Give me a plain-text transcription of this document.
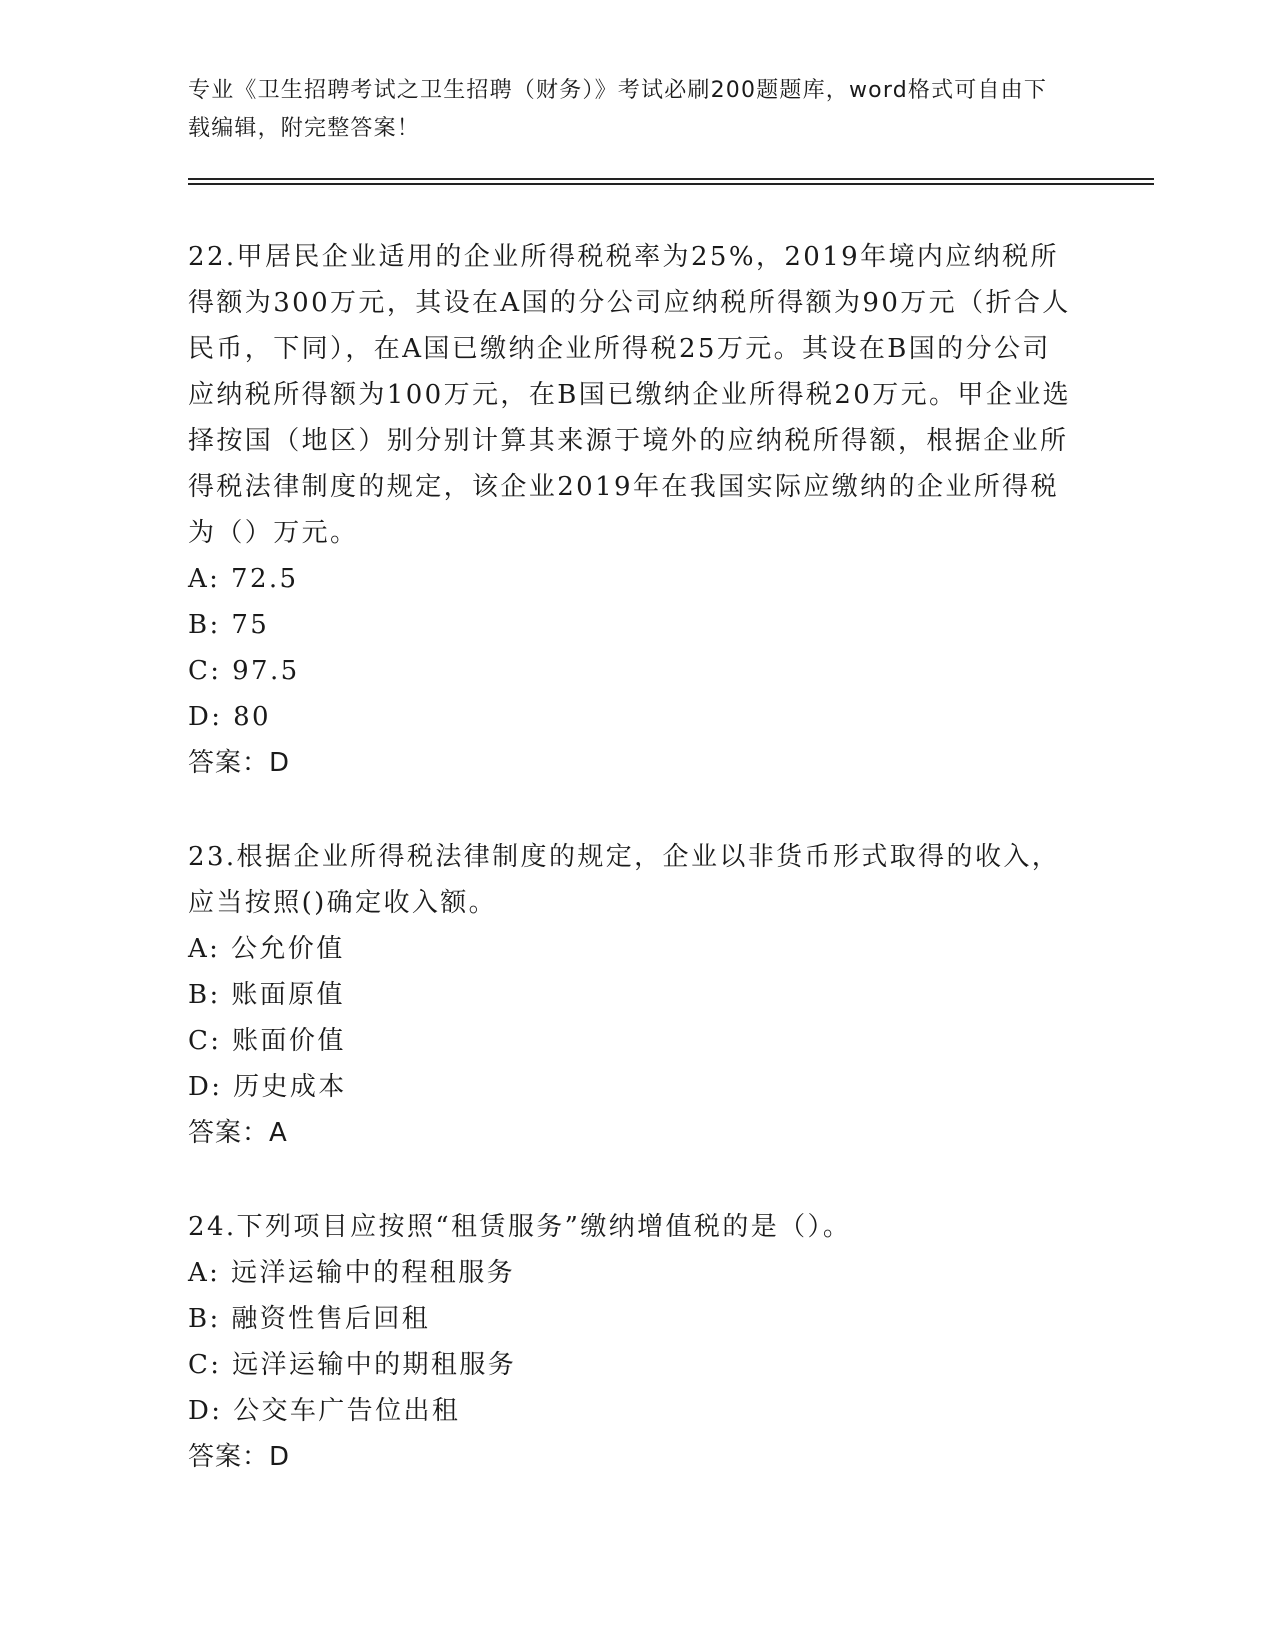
专业《卫生招聘考试之卫生招聘（财务）》考试必刷200题题库，word格式可自由下载编辑，附完整答案！

22.甲居民企业适用的企业所得税税率为25%，2019年境内应纳税所得额为300万元，其设在A国的分公司应纳税所得额为90万元（折合人民币，下同），在A国已缴纳企业所得税25万元。其设在B国的分公司应纳税所得额为100万元，在B国已缴纳企业所得税20万元。甲企业选择按国（地区）别分别计算其来源于境外的应纳税所得额，根据企业所得税法律制度的规定，该企业2019年在我国实际应缴纳的企业所得税为（）万元。

A: 72.5

B: 75

C: 97.5

D: 80

答案：D

23.根据企业所得税法律制度的规定，企业以非货币形式取得的收入，应当按照()确定收入额。

A: 公允价值

B: 账面原值

C: 账面价值

D: 历史成本

答案：A

24.下列项目应按照“租赁服务”缴纳增值税的是（）。

A: 远洋运输中的程租服务

B: 融资性售后回租

C: 远洋运输中的期租服务

D: 公交车广告位出租

答案：D
